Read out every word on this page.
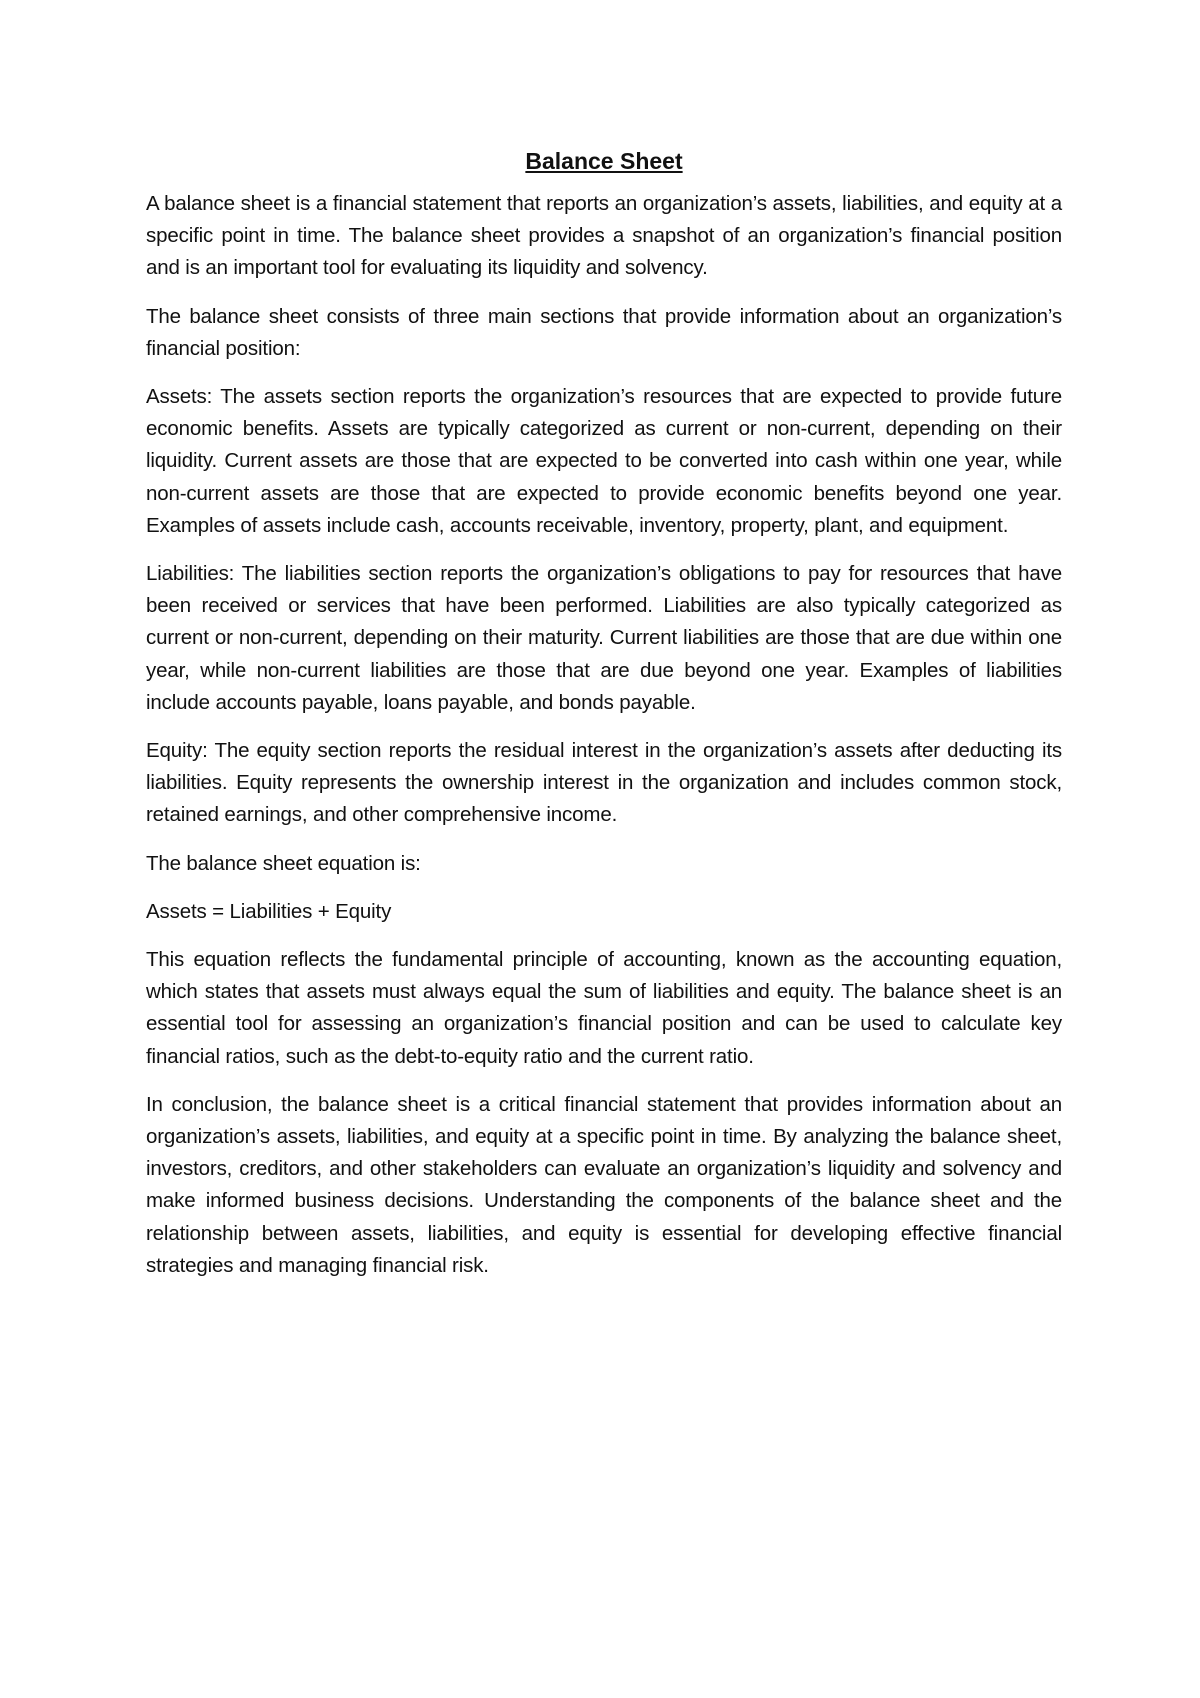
Balance Sheet

A balance sheet is a financial statement that reports an organization’s assets, liabilities, and equity at a specific point in time. The balance sheet provides a snapshot of an organization’s financial position and is an important tool for evaluating its liquidity and solvency.

The balance sheet consists of three main sections that provide information about an organization’s financial position:

Assets: The assets section reports the organization’s resources that are expected to provide future economic benefits. Assets are typically categorized as current or non-current, depending on their liquidity. Current assets are those that are expected to be converted into cash within one year, while non-current assets are those that are expected to provide economic benefits beyond one year. Examples of assets include cash, accounts receivable, inventory, property, plant, and equipment.

Liabilities: The liabilities section reports the organization’s obligations to pay for resources that have been received or services that have been performed. Liabilities are also typically categorized as current or non-current, depending on their maturity. Current liabilities are those that are due within one year, while non-current liabilities are those that are due beyond one year. Examples of liabilities include accounts payable, loans payable, and bonds payable.

Equity: The equity section reports the residual interest in the organization’s assets after deducting its liabilities. Equity represents the ownership interest in the organization and includes common stock, retained earnings, and other comprehensive income.

The balance sheet equation is:

Assets = Liabilities + Equity

This equation reflects the fundamental principle of accounting, known as the accounting equation, which states that assets must always equal the sum of liabilities and equity. The balance sheet is an essential tool for assessing an organization’s financial position and can be used to calculate key financial ratios, such as the debt-to-equity ratio and the current ratio.

In conclusion, the balance sheet is a critical financial statement that provides information about an organization’s assets, liabilities, and equity at a specific point in time. By analyzing the balance sheet, investors, creditors, and other stakeholders can evaluate an organization’s liquidity and solvency and make informed business decisions. Understanding the components of the balance sheet and the relationship between assets, liabilities, and equity is essential for developing effective financial strategies and managing financial risk.
